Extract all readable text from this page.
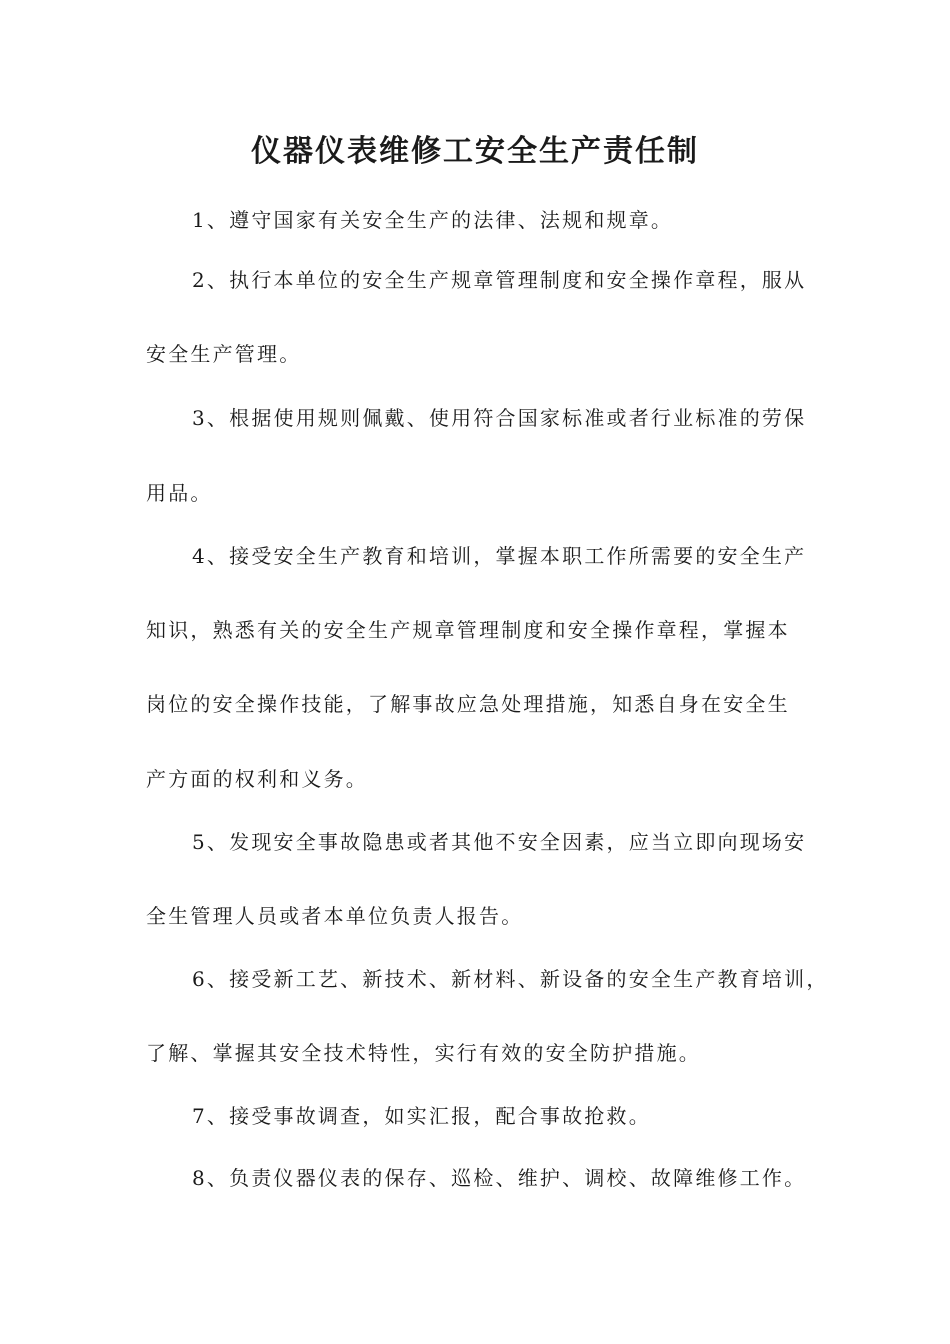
仪器仪表维修工安全生产责任制
1、遵守国家有关安全生产的法律、法规和规章。
2、执行本单位的安全生产规章管理制度和安全操作章程，服从
安全生产管理。
3、根据使用规则佩戴、使用符合国家标准或者行业标准的劳保
用品。
4、接受安全生产教育和培训，掌握本职工作所需要的安全生产
知识，熟悉有关的安全生产规章管理制度和安全操作章程，掌握本
岗位的安全操作技能，了解事故应急处理措施，知悉自身在安全生
产方面的权利和义务。
5、发现安全事故隐患或者其他不安全因素，应当立即向现场安
全生管理人员或者本单位负责人报告。
6、接受新工艺、新技术、新材料、新设备的安全生产教育培训，
了解、掌握其安全技术特性，实行有效的安全防护措施。
7、接受事故调查，如实汇报，配合事故抢救。
8、负责仪器仪表的保存、巡检、维护、调校、故障维修工作。
